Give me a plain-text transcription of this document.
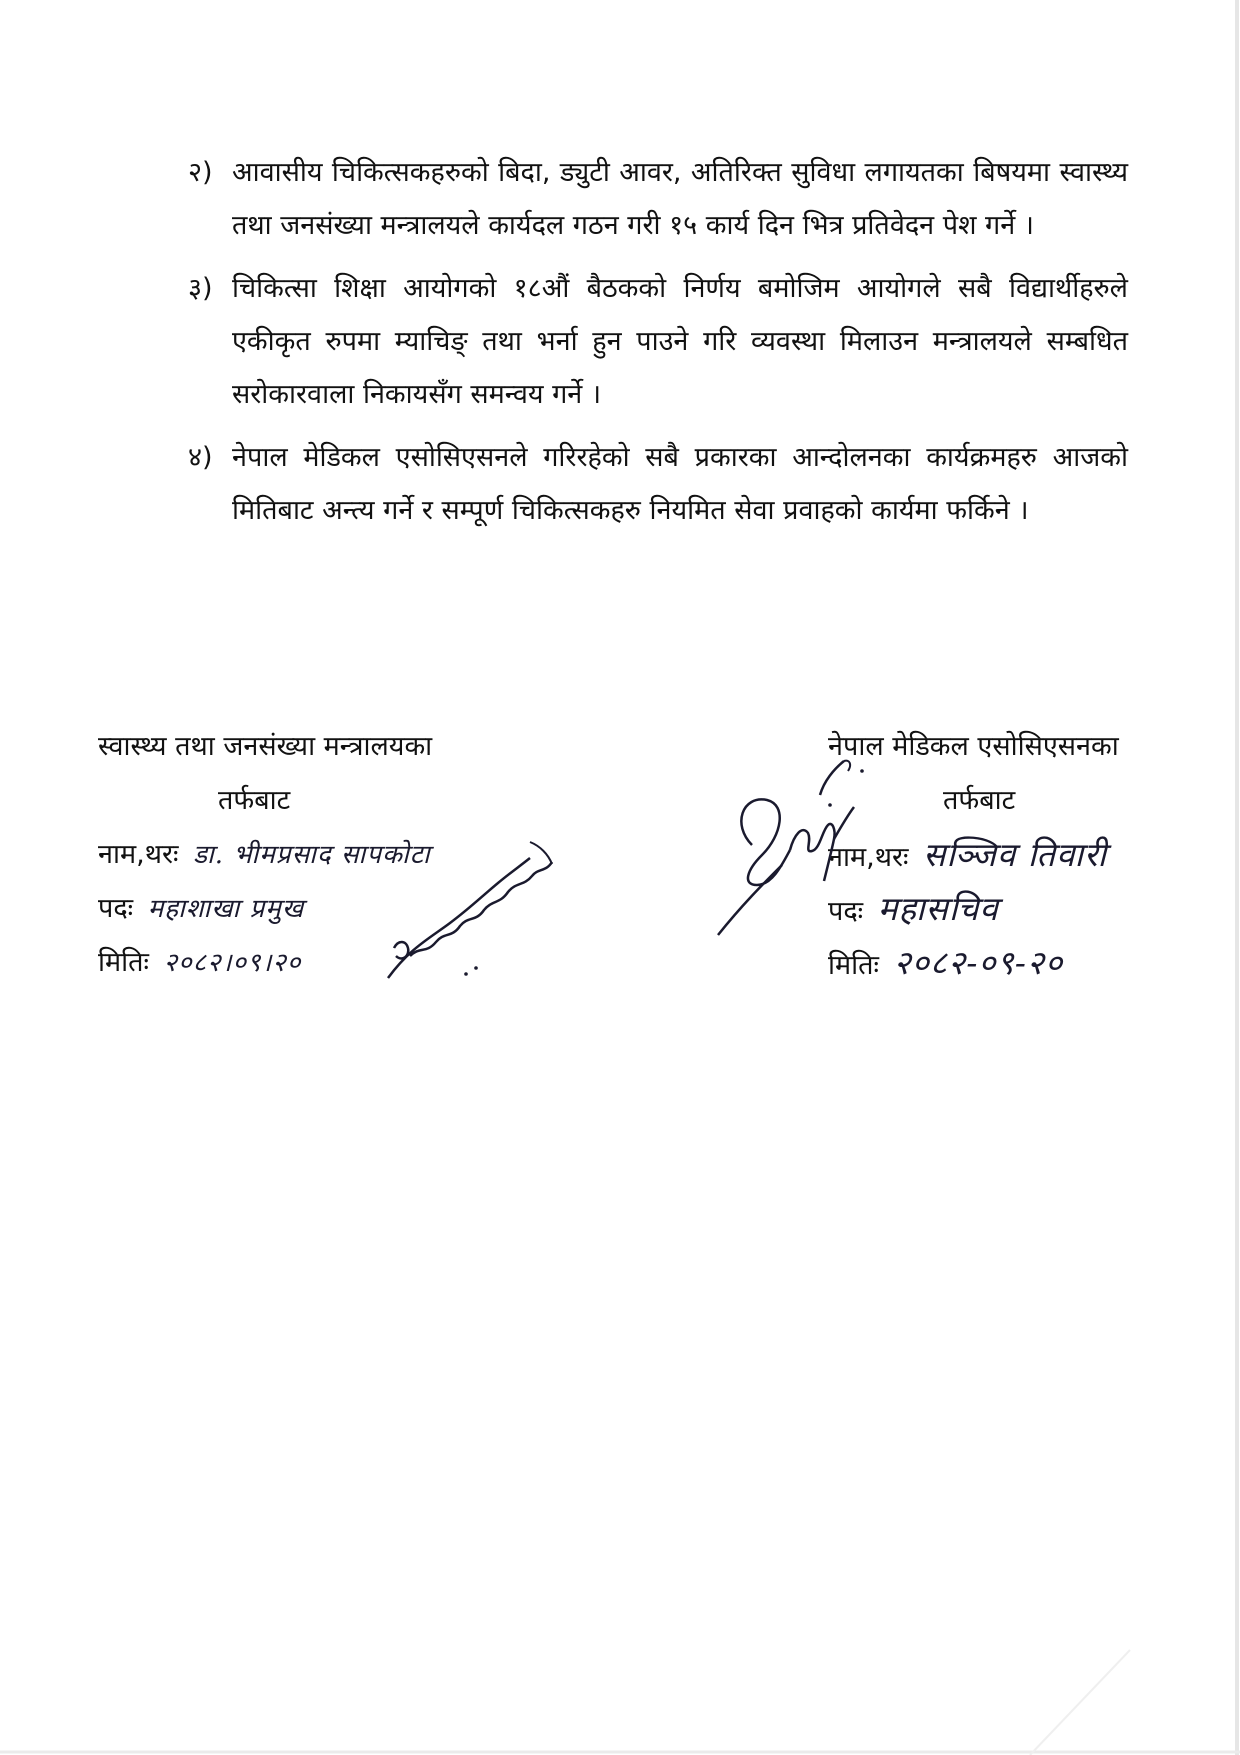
२) आवासीय चिकित्सकहरुको बिदा, ड्युटी आवर, अतिरिक्त सुविधा लगायतका बिषयमा स्वास्थ्य तथा जनसंख्या मन्त्रालयले कार्यदल गठन गरी १५ कार्य दिन भित्र प्रतिवेदन पेश गर्ने ।
३) चिकित्सा शिक्षा आयोगको १८औं बैठकको निर्णय बमोजिम आयोगले सबै विद्यार्थीहरुले एकीकृत रुपमा म्याचिङ् तथा भर्ना हुन पाउने गरि व्यवस्था मिलाउन मन्त्रालयले सम्बधित सरोकारवाला निकायसँग समन्वय गर्ने ।
४) नेपाल मेडिकल एसोसिएसनले गरिरहेको सबै प्रकारका आन्दोलनका कार्यक्रमहरु आजको मितिबाट अन्त्य गर्ने र सम्पूर्ण चिकित्सकहरु नियमित सेवा प्रवाहको कार्यमा फर्किने ।
स्वास्थ्य तथा जनसंख्या मन्त्रालयका
तर्फबाट
नाम,थरः डा. भीमप्रसाद सापकोटा
पदः महाशाखा प्रमुख
मितिः २०८२।०९।२०
नेपाल मेडिकल एसोसिएसनका
तर्फबाट
नाम,थरः सञ्जिव तिवारी
पदः महासचिव
मितिः २०८२-०९-२०
